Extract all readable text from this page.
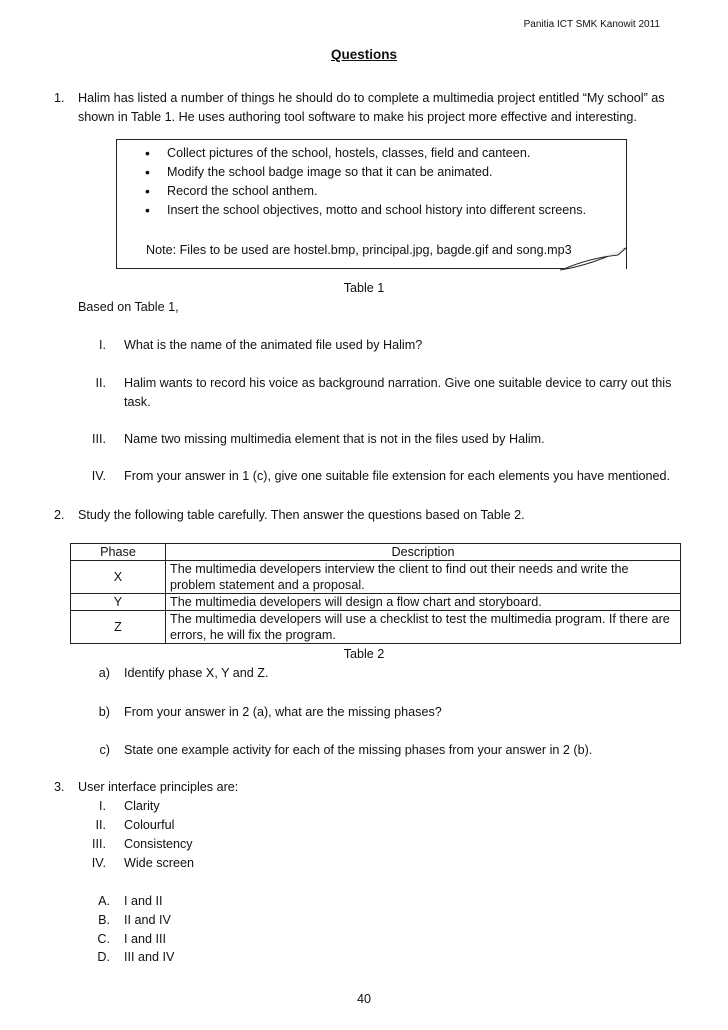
Panitia ICT SMK Kanowit 2011
Questions
1. Halim has listed a number of things he should do to complete a multimedia project entitled “My school” as
shown in Table 1. He uses authoring tool software to make his project more effective and interesting.
• Collect pictures of the school, hostels, classes, field and canteen.
• Modify the school badge image so that it can be animated.
• Record the school anthem.
• Insert the school objectives, motto and school history into different screens.
Note: Files to be used are hostel.bmp, principal.jpg, bagde.gif and song.mp3
Table 1
Based on Table 1,
I. What is the name of the animated file used by Halim?
II. Halim wants to record his voice as background narration. Give one suitable device to carry out this
task.
III. Name two missing multimedia element that is not in the files used by Halim.
IV. From your answer in 1 (c), give one suitable file extension for each elements you have mentioned.
2. Study the following table carefully. Then answer the questions based on Table 2.
Phase	Description
X	The multimedia developers interview the client to find out their needs and write the
problem statement and a proposal.

Y	The multimedia developers will design a flow chart and storyboard.

Z	The multimedia developers will use a checklist to test the multimedia program. If there are
errors, he will fix the program.
Table 2
a) Identify phase X, Y and Z.
b) From your answer in 2 (a), what are the missing phases?
c) State one example activity for each of the missing phases from your answer in 2 (b).
3. User interface principles are:
I. Clarity
II. Colourful
III. Consistency
IV. Wide screen
A. I and II
B. II and IV
C. I and III
D. III and IV
40
